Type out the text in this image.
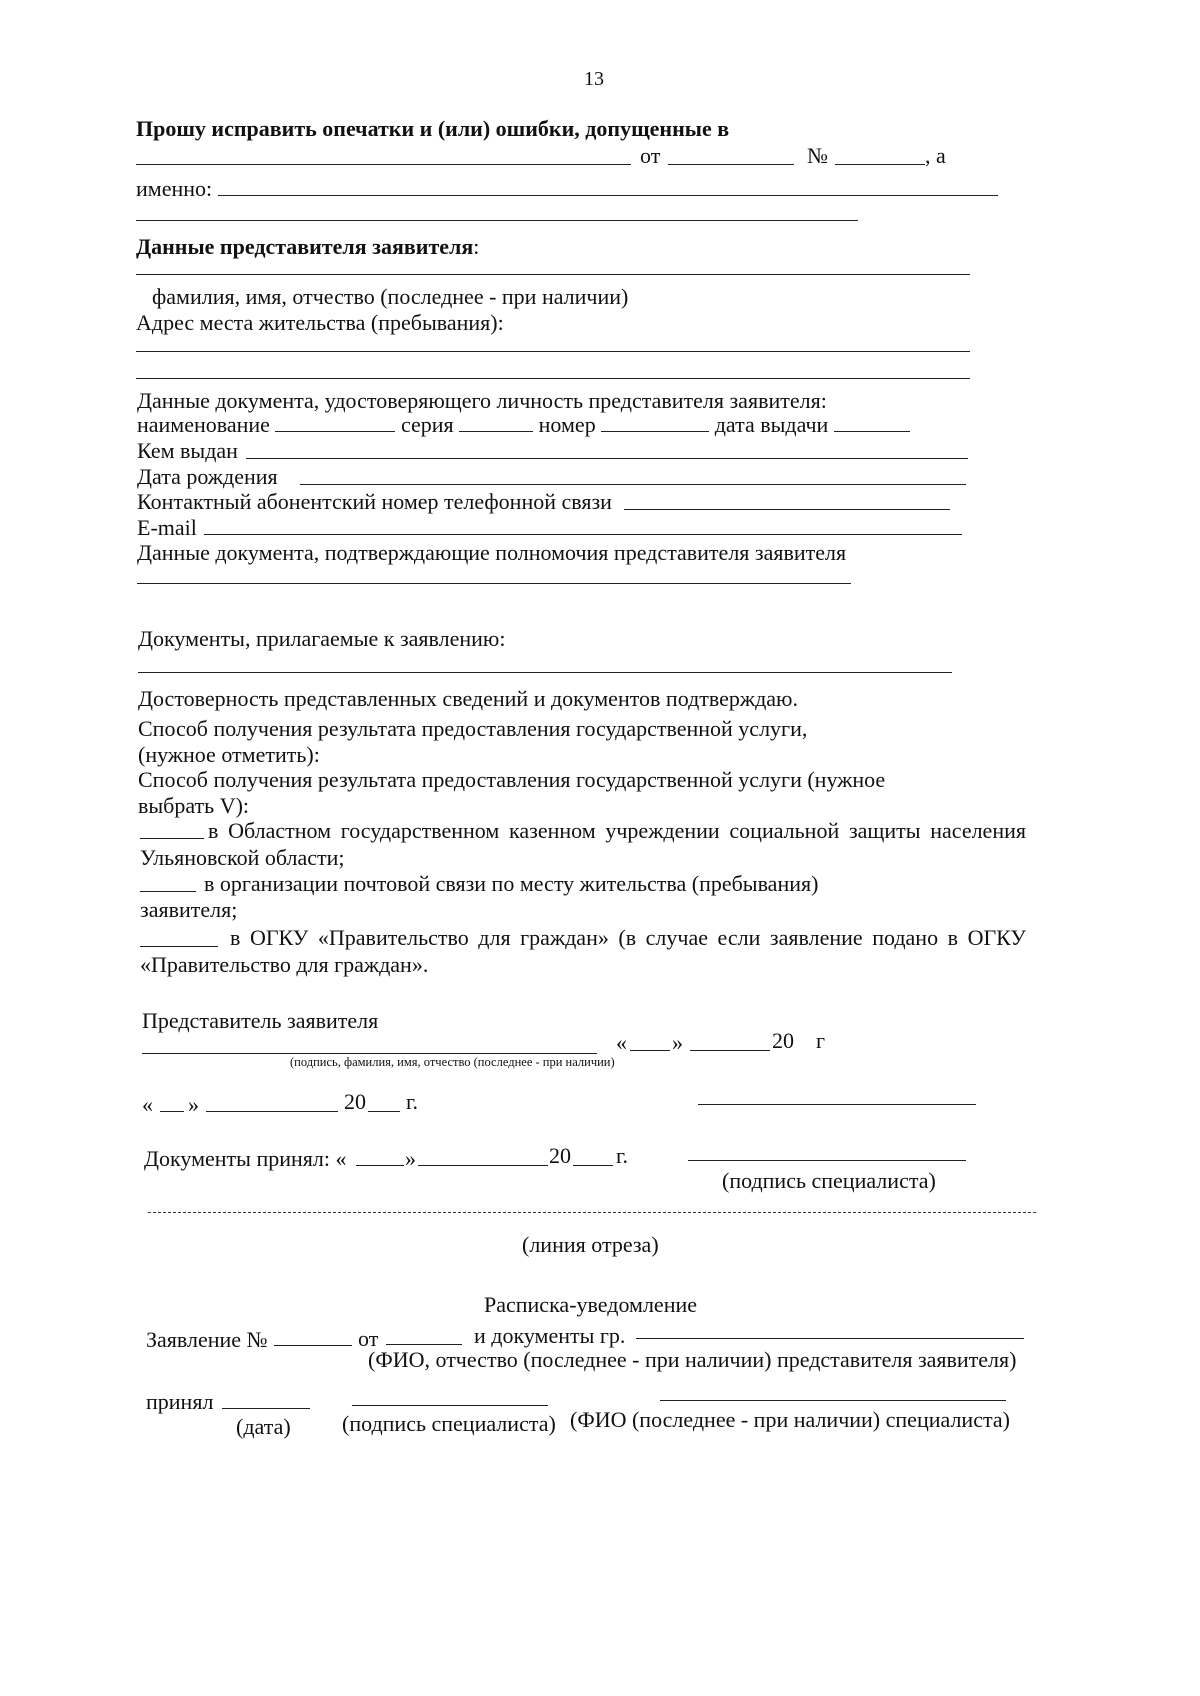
13
Прошу исправить опечатки и (или) ошибки, допущенные в
от	№	, а
именно:
Данные представителя заявителя:
фамилия, имя, отчество (последнее - при наличии)
Адрес места жительства (пребывания):
Данные документа, удостоверяющего личность представителя заявителя:
наименование	серия	номер	дата выдачи
Кем выдан
Дата рождения
Контактный абонентский номер телефонной связи
E-mail
Данные документа, подтверждающие полномочия представителя заявителя
Документы, прилагаемые к заявлению:
Достоверность представленных сведений и документов подтверждаю.
Способ получения результата предоставления государственной услуги,
(нужное отметить):
Способ получения результата предоставления государственной услуги (нужное
выбрать V):
в Областном государственном казенном учреждении социальной защиты населения
Ульяновской области;
в организации почтовой связи по месту жительства (пребывания)
заявителя;
в ОГКУ «Правительство для граждан» (в случае если заявление подано в ОГКУ
«Правительство для граждан».
Представитель заявителя
(подпись, фамилия, имя, отчество (последнее - при наличии)
« »	20 г
« »	20 г.
Документы принял: «	»	20 г.
(подпись специалиста)
(линия отреза)
Расписка-уведомление
Заявление №	от	и документы гр.
(ФИО, отчество (последнее - при наличии) представителя заявителя)
принял
(дата) (подпись специалиста) (ФИО (последнее - при наличии) специалиста)
